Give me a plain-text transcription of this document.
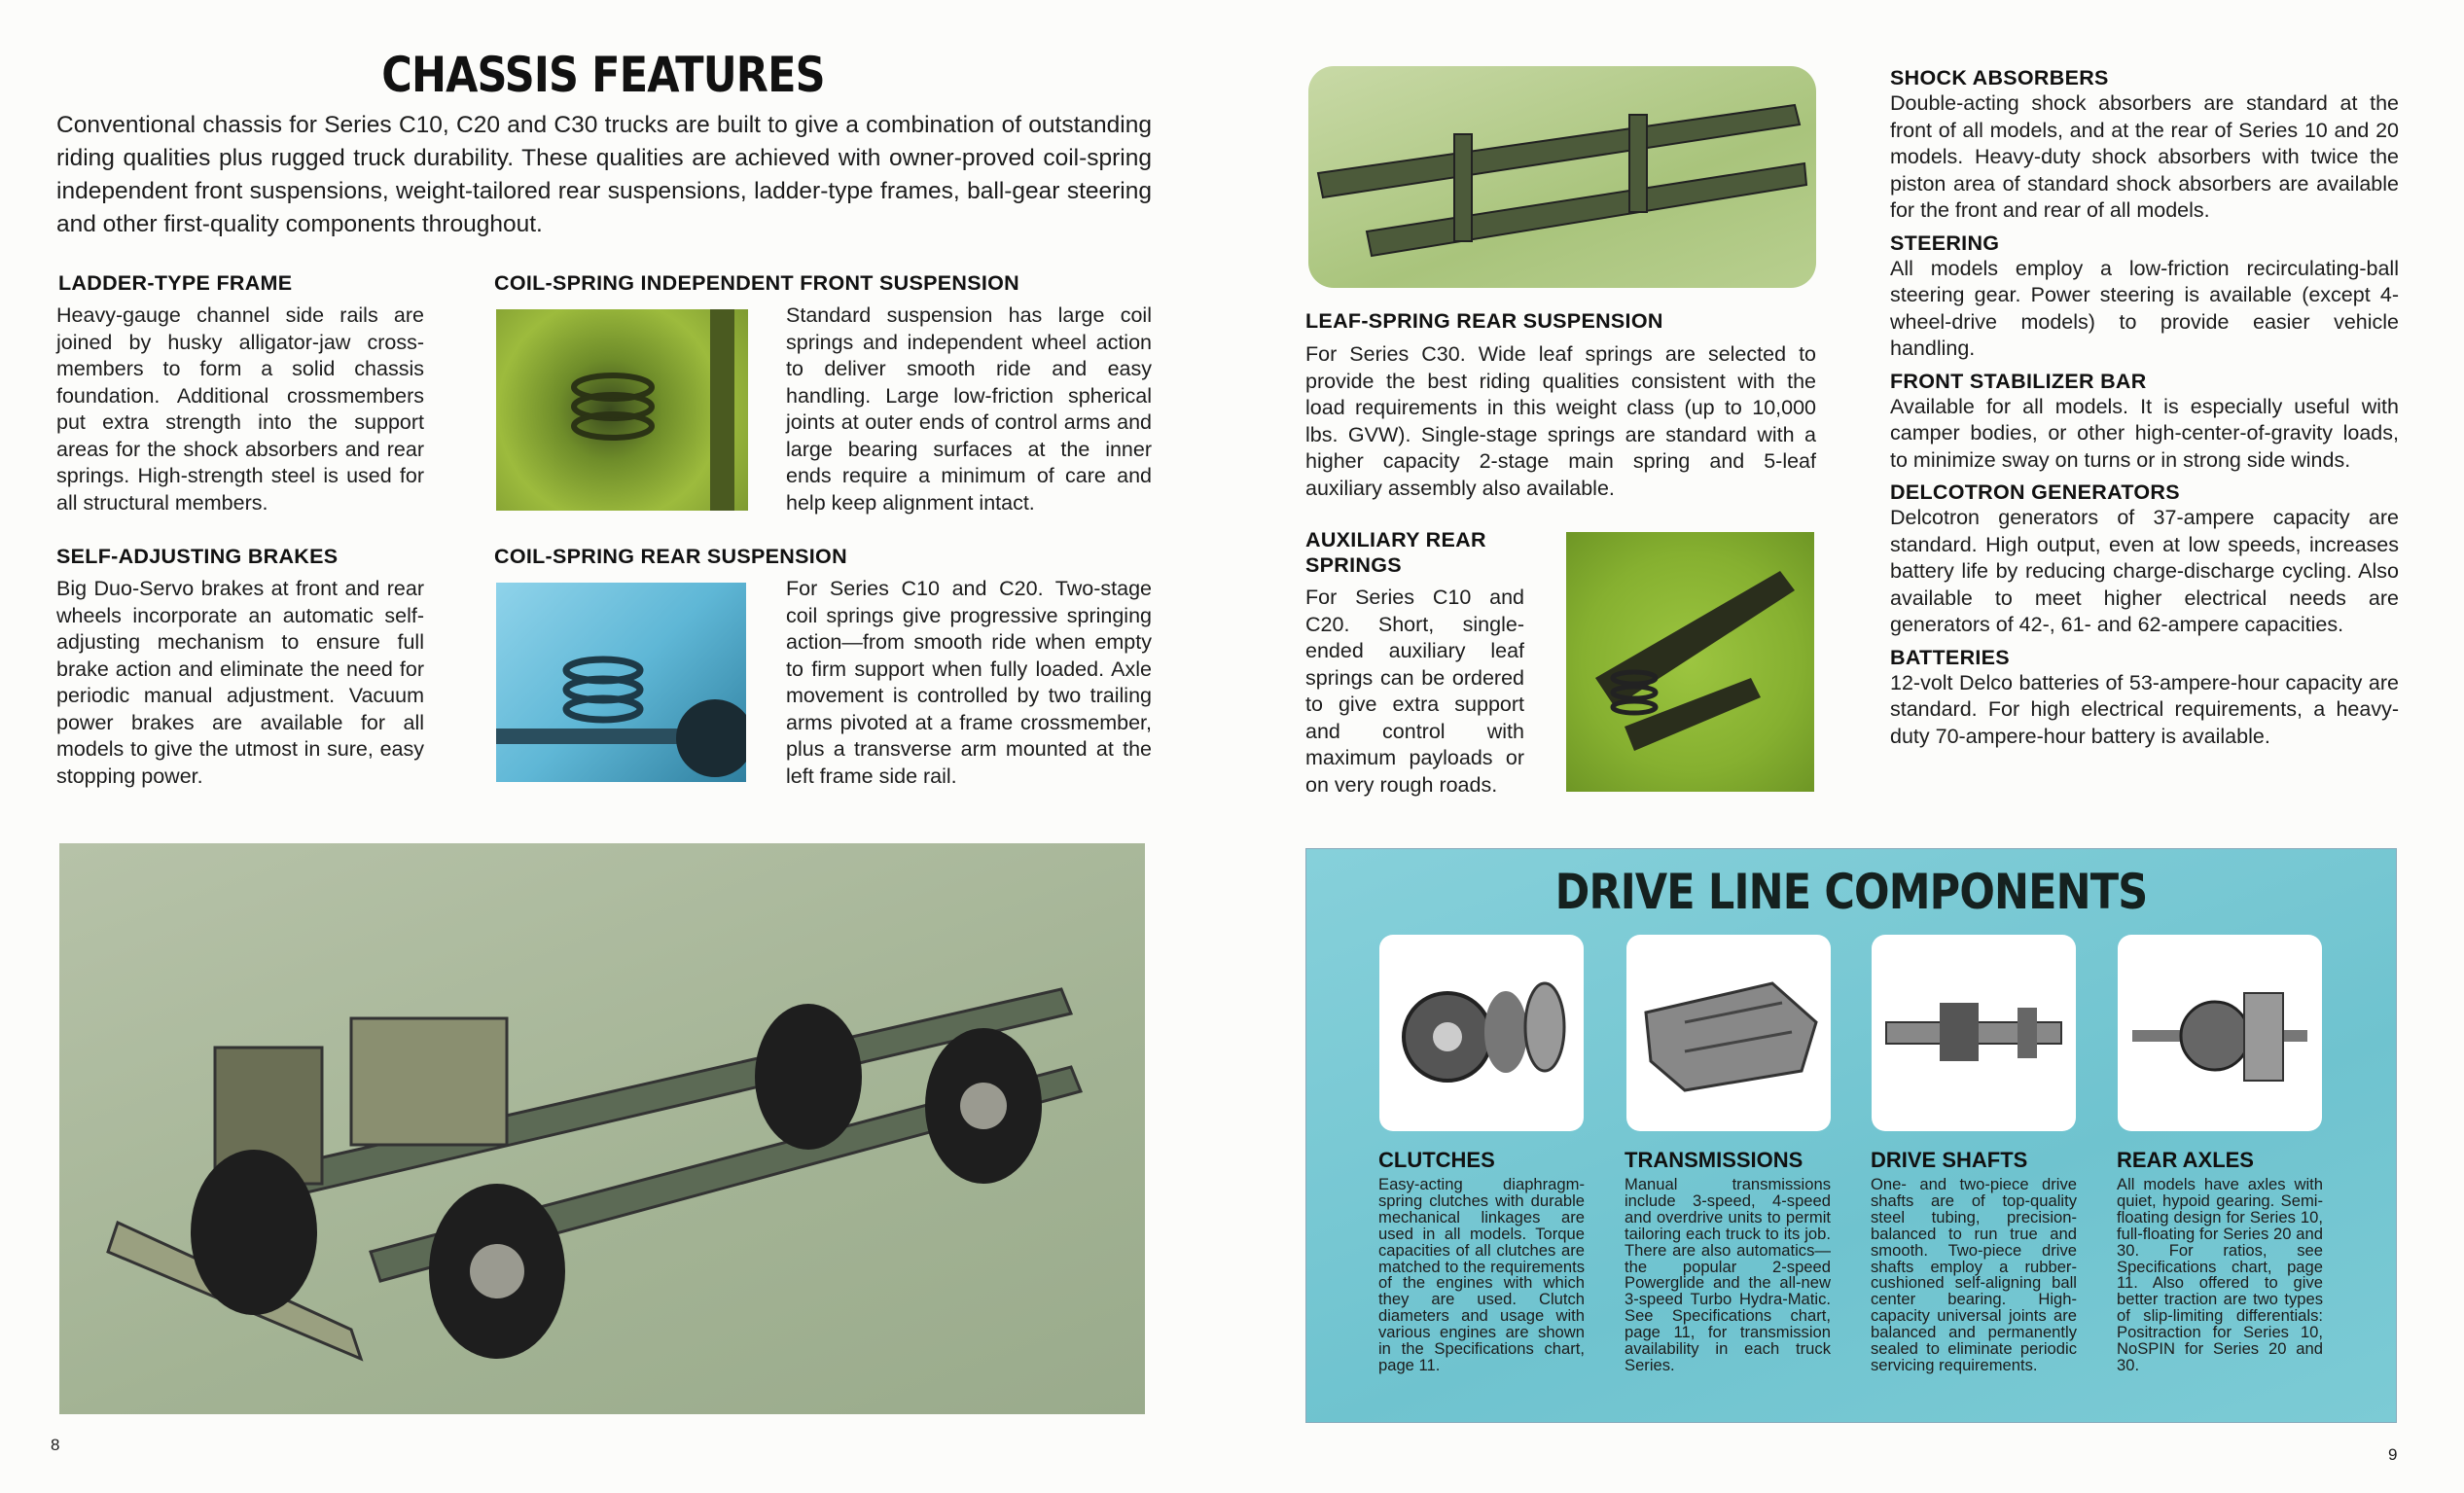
CHASSIS FEATURES

Conventional chassis for Series C10, C20 and C30 trucks are built to give a combination of outstanding riding qualities plus rugged truck durability. These qualities are achieved with owner-proved coil-spring independent front suspensions, weight-tailored rear suspensions, ladder-type frames, ball-gear steering and other first-quality components throughout.

LADDER-TYPE FRAME

Heavy-gauge channel side rails are joined by husky alligator-jaw cross-members to form a solid chassis foundation. Additional crossmembers put extra strength into the support areas for the shock absorbers and rear springs. High-strength steel is used for all structural members.

COIL-SPRING INDEPENDENT FRONT SUSPENSION

Standard suspension has large coil springs and independent wheel action to deliver smooth ride and easy handling. Large low-friction spherical joints at outer ends of control arms and large bearing surfaces at the inner ends require a minimum of care and help keep alignment intact.

SELF-ADJUSTING BRAKES

Big Duo-Servo brakes at front and rear wheels incorporate an automatic self-adjusting mechanism to ensure full brake action and eliminate the need for periodic manual adjustment. Vacuum power brakes are available for all models to give the utmost in sure, easy stopping power.

COIL-SPRING REAR SUSPENSION

For Series C10 and C20. Two-stage coil springs give progressive springing action—from smooth ride when empty to firm support when fully loaded. Axle movement is controlled by two trailing arms pivoted at a frame crossmember, plus a transverse arm mounted at the left frame side rail.

8
LEAF-SPRING REAR SUSPENSION

For Series C30. Wide leaf springs are selected to provide the best riding qualities consistent with the load requirements in this weight class (up to 10,000 lbs. GVW). Single-stage springs are standard with a higher capacity 2-stage main spring and 5-leaf auxiliary assembly also available.

AUXILIARY REAR SPRINGS

For Series C10 and C20. Short, single-ended auxiliary leaf springs can be ordered to give extra support and control with maximum payloads or on very rough roads.

SHOCK ABSORBERS

Double-acting shock absorbers are standard at the front of all models, and at the rear of Series 10 and 20 models. Heavy-duty shock absorbers with twice the piston area of standard shock absorbers are available for the front and rear of all models.

STEERING

All models employ a low-friction recirculating-ball steering gear. Power steering is available (except 4-wheel-drive models) to provide easier vehicle handling.

FRONT STABILIZER BAR

Available for all models. It is especially useful with camper bodies, or other high-center-of-gravity loads, to minimize sway on turns or in strong side winds.

DELCOTRON GENERATORS

Delcotron generators of 37-ampere capacity are standard. High output, even at low speeds, increases battery life by reducing charge-discharge cycling. Also available to meet higher electrical needs are generators of 42-, 61- and 62-ampere capacities.

BATTERIES

12-volt Delco batteries of 53-ampere-hour capacity are standard. For high electrical requirements, a heavy-duty 70-ampere-hour battery is available.

DRIVE LINE COMPONENTS
CLUTCHES

Easy-acting diaphragm-spring clutches with durable mechanical linkages are used in all models. Torque capacities of all clutches are matched to the requirements of the engines with which they are used. Clutch diameters and usage with various engines are shown in the Specifications chart, page 11.

TRANSMISSIONS

Manual transmissions include 3-speed, 4-speed and overdrive units to permit tailoring each truck to its job. There are also automatics—the popular 2-speed Powerglide and the all-new 3-speed Turbo Hydra-Matic. See Specifications chart, page 11, for transmission availability in each truck Series.

DRIVE SHAFTS

One- and two-piece drive shafts are of top-quality steel tubing, precision-balanced to run true and smooth. Two-piece drive shafts employ a rubber-cushioned self-aligning ball center bearing. High-capacity universal joints are balanced and permanently sealed to eliminate periodic servicing requirements.

REAR AXLES

All models have axles with quiet, hypoid gearing. Semi-floating design for Series 10, full-floating for Series 20 and 30. For ratios, see Specifications chart, page 11. Also offered to give better traction are two types of slip-limiting differentials: Positraction for Series 10, NoSPIN for Series 20 and 30.

9
